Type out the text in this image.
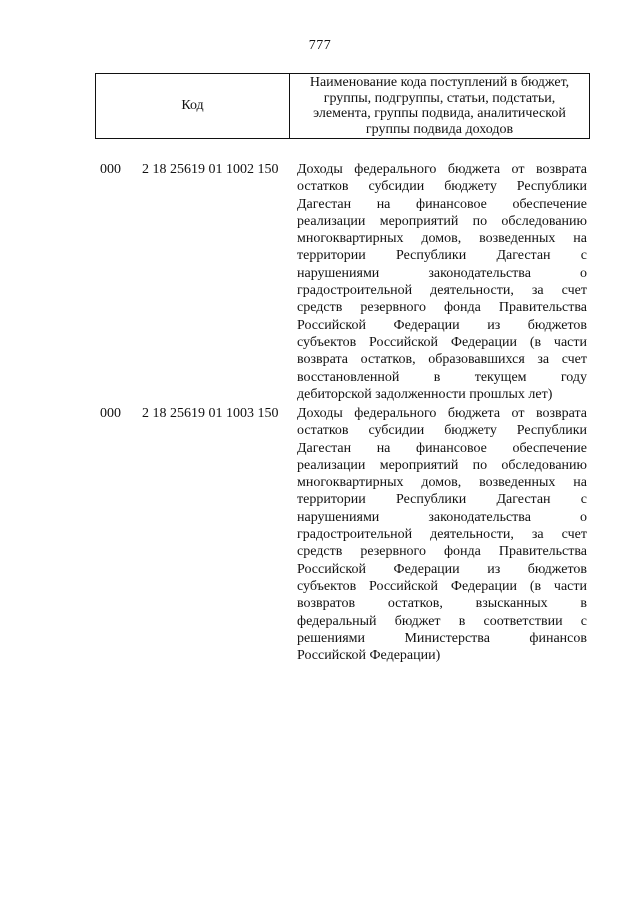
777
Код
Наименование кода поступлений в бюджет, группы, подгруппы, статьи, подстатьи, элемента, группы подвида, аналитической группы подвида доходов
000 2 18 25619 01 1002 150 Доходы федерального бюджета от возврата
остатков субсидии бюджету Республики
Дагестан на финансовое обеспечение
реализации мероприятий по обследованию
многоквартирных домов, возведенных на
территории Республики Дагестан с
нарушениями законодательства о
градостроительной деятельности, за счет
средств резервного фонда Правительства
Российской Федерации из бюджетов
субъектов Российской Федерации (в части
возврата остатков, образовавшихся за счет
восстановленной в текущем году
дебиторской задолженности прошлых лет)
000 2 18 25619 01 1003 150 Доходы федерального бюджета от возврата
остатков субсидии бюджету Республики
Дагестан на финансовое обеспечение
реализации мероприятий по обследованию
многоквартирных домов, возведенных на
территории Республики Дагестан с
нарушениями законодательства о
градостроительной деятельности, за счет
средств резервного фонда Правительства
Российской Федерации из бюджетов
субъектов Российской Федерации (в части
возвратов остатков, взысканных в
федеральный бюджет в соответствии с
решениями Министерства финансов
Российской Федерации)
